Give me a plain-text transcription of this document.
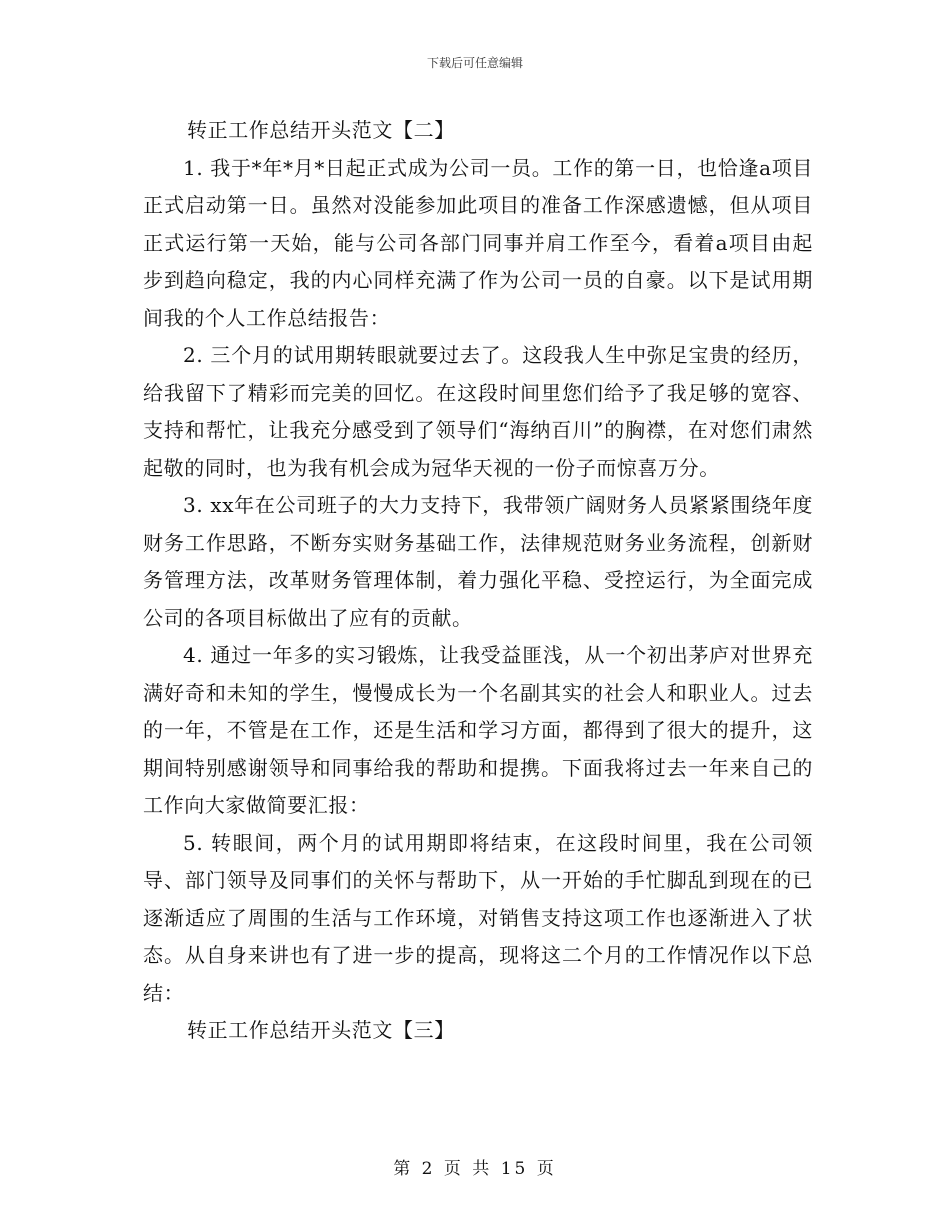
下载后可任意编辑

转正工作总结开头范文【二】

1. 我于*年*月*日起正式成为公司一员。工作的第一日，也恰逢a项目正式启动第一日。虽然对没能参加此项目的准备工作深感遗憾，但从项目正式运行第一天始，能与公司各部门同事并肩工作至今，看着a项目由起步到趋向稳定，我的内心同样充满了作为公司一员的自豪。以下是试用期间我的个人工作总结报告：

2. 三个月的试用期转眼就要过去了。这段我人生中弥足宝贵的经历，给我留下了精彩而完美的回忆。在这段时间里您们给予了我足够的宽容、支持和帮忙，让我充分感受到了领导们“海纳百川”的胸襟，在对您们肃然起敬的同时，也为我有机会成为冠华天视的一份子而惊喜万分。

3. xx年在公司班子的大力支持下，我带领广阔财务人员紧紧围绕年度财务工作思路，不断夯实财务基础工作，法律规范财务业务流程，创新财务管理方法，改革财务管理体制，着力强化平稳、受控运行，为全面完成公司的各项目标做出了应有的贡献。

4. 通过一年多的实习锻炼，让我受益匪浅，从一个初出茅庐对世界充满好奇和未知的学生，慢慢成长为一个名副其实的社会人和职业人。过去的一年，不管是在工作，还是生活和学习方面，都得到了很大的提升，这期间特别感谢领导和同事给我的帮助和提携。下面我将过去一年来自己的工作向大家做简要汇报：

5. 转眼间，两个月的试用期即将结束，在这段时间里，我在公司领导、部门领导及同事们的关怀与帮助下，从一开始的手忙脚乱到现在的已逐渐适应了周围的生活与工作环境，对销售支持这项工作也逐渐进入了状态。从自身来讲也有了进一步的提高，现将这二个月的工作情况作以下总结：

转正工作总结开头范文【三】

第 2 页 共 15 页
